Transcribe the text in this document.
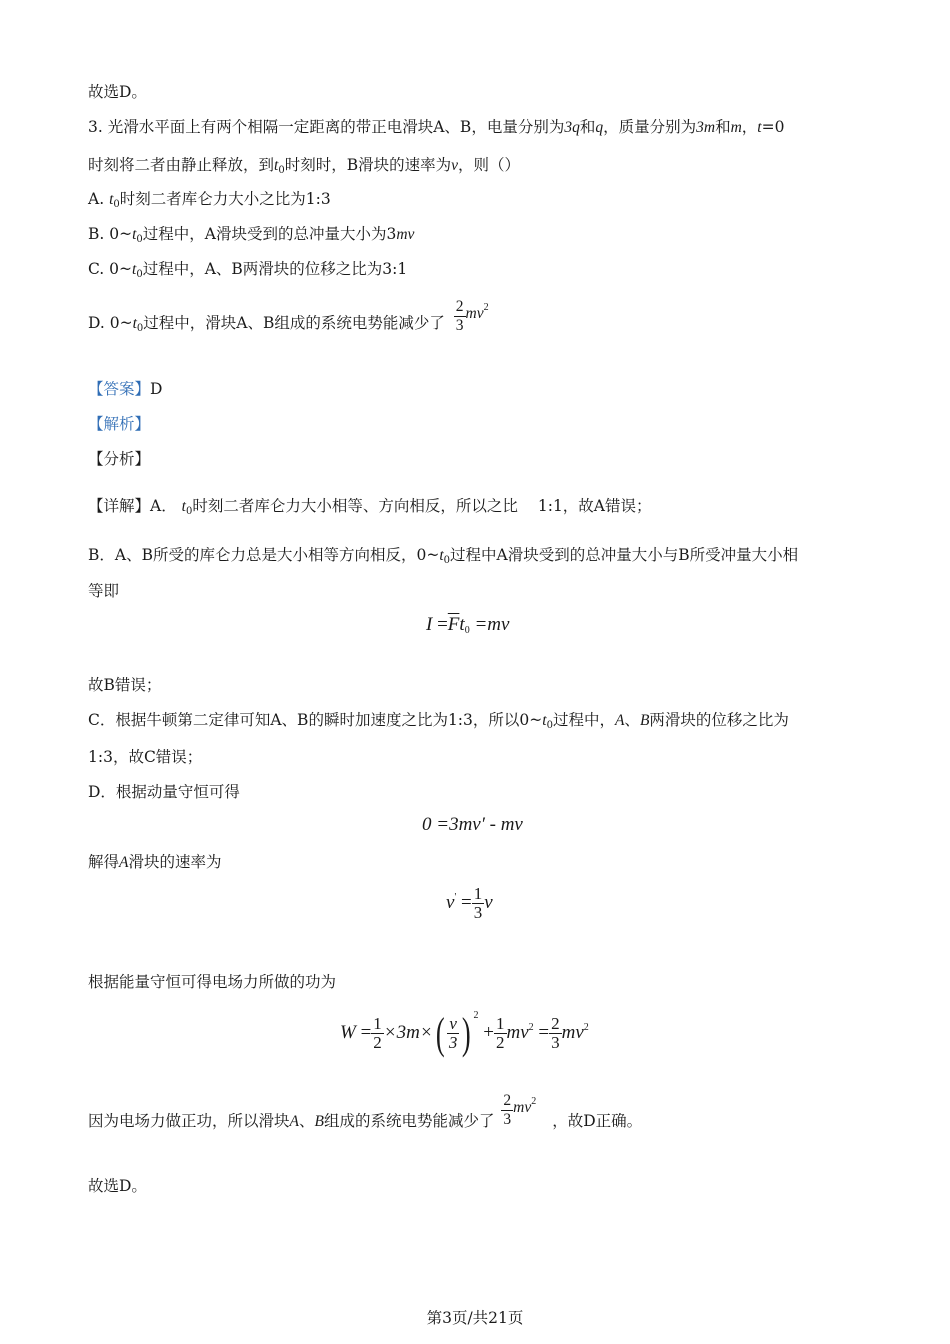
故选D。
3. 光滑水平面上有两个相隔一定距离的带正电滑块A、B，电量分别为3q和q，质量分别为3m和m，t=0
时刻将二者由静止释放，到$t_0$时刻时，B滑块的速率为v，则（）
A. $t_0$时刻二者库仑力大小之比为1:3
B. $0\sim t_0$过程中，A滑块受到的总冲量大小为3mv
C. $0\sim t_0$过程中，A、B两滑块的位移之比为3:1
D. $0\sim t_0$过程中，滑块A、B组成的系统电势能减少了 $\frac{2}{3} mv^2$
【答案】D
【解析】
【分析】
【详解】A． $t_0$时刻二者库仑力大小相等、方向相反，所以之比 1:1，故A错误；
B．A、B所受的库仑力总是大小相等方向相反，$0\sim t_0$过程中A滑块受到的总冲量大小与B所受冲量大小相
等即
$I =\overline{F}t_0 =mv$
故B错误；
C．根据牛顿第二定律可知A、B的瞬时加速度之比为1:3，所以$0\sim t_0$过程中，A、B两滑块的位移之比为
1:3，故C错误；
D．根据动量守恒可得
0 =3mv′ - mv
解得A滑块的速率为
$v' = \frac{1}{3}$ v
根据能量守恒可得电场力所做的功为
$W = \frac{1}{2} \times 3m\times( \frac{v}{3}$ ) $^2 + \frac{1}{2} mv^2 = \frac{2}{3} mv^2$
因为电场力做正功，所以滑块A、B组成的系统电势能减少了 $\frac{2}{3} mv^2$，故D正确。
故选D。
第3页/共21页
